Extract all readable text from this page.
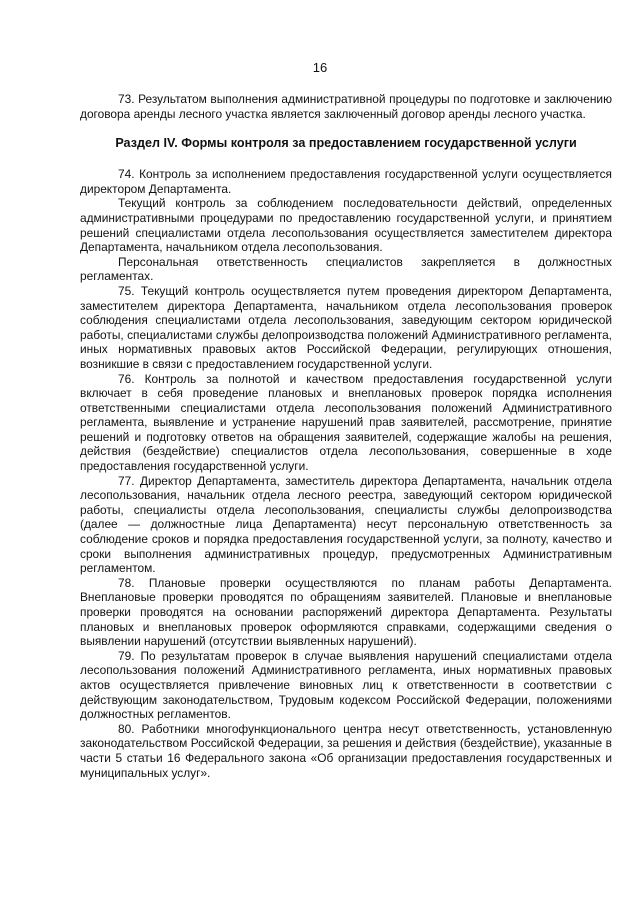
16

73. Результатом выполнения административной процедуры по подготовке и заключению договора аренды лесного участка является заключенный договор аренды лесного участка.

Раздел IV. Формы контроля за предоставлением государственной услуги

74. Контроль за исполнением предоставления государственной услуги осуществляется директором Департамента.

Текущий контроль за соблюдением последовательности действий, определенных административными процедурами по предоставлению государственной услуги, и принятием решений специалистами отдела лесопользования осуществляется заместителем директора Департамента, начальником отдела лесопользования.

Персональная ответственность специалистов закрепляется в должностных регламентах.

75. Текущий контроль осуществляется путем проведения директором Департамента, заместителем директора Департамента, начальником отдела лесопользования проверок соблюдения специалистами отдела лесопользования, заведующим сектором юридической работы, специалистами службы делопроизводства положений Административного регламента, иных нормативных правовых актов Российской Федерации, регулирующих отношения, возникшие в связи с предоставлением государственной услуги.

76. Контроль за полнотой и качеством предоставления государственной услуги включает в себя проведение плановых и внеплановых проверок порядка исполнения ответственными специалистами отдела лесопользования положений Административного регламента, выявление и устранение нарушений прав заявителей, рассмотрение, принятие решений и подготовку ответов на обращения заявителей, содержащие жалобы на решения, действия (бездействие) специалистов отдела лесопользования, совершенные в ходе предоставления государственной услуги.

77. Директор Департамента, заместитель директора Департамента, начальник отдела лесопользования, начальник отдела лесного реестра, заведующий сектором юридической работы, специалисты отдела лесопользования, специалисты службы делопроизводства (далее — должностные лица Департамента) несут персональную ответственность за соблюдение сроков и порядка предоставления государственной услуги, за полноту, качество и сроки выполнения административных процедур, предусмотренных Административным регламентом.

78. Плановые проверки осуществляются по планам работы Департамента. Внеплановые проверки проводятся по обращениям заявителей. Плановые и внеплановые проверки проводятся на основании распоряжений директора Департамента. Результаты плановых и внеплановых проверок оформляются справками, содержащими сведения о выявлении нарушений (отсутствии выявленных нарушений).

79. По результатам проверок в случае выявления нарушений специалистами отдела лесопользования положений Административного регламента, иных нормативных правовых актов осуществляется привлечение виновных лиц к ответственности в соответствии с действующим законодательством, Трудовым кодексом Российской Федерации, положениями должностных регламентов.

80. Работники многофункционального центра несут ответственность, установленную законодательством Российской Федерации, за решения и действия (бездействие), указанные в части 5 статьи 16 Федерального закона «Об организации предоставления государственных и муниципальных услуг».
